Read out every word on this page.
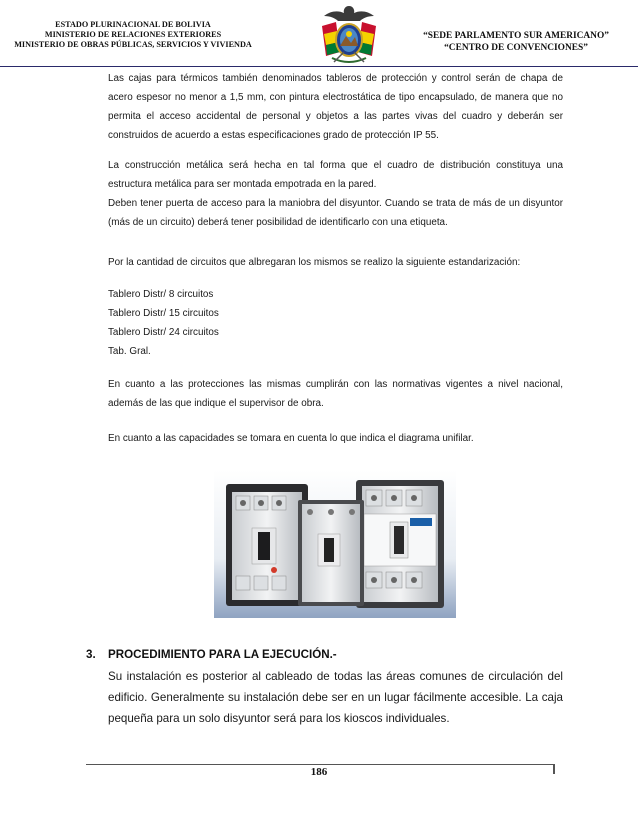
ESTADO PLURINACIONAL DE BOLIVIA
MINISTERIO DE RELACIONES EXTERIORES
MINISTERIO DE OBRAS PÚBLICAS, SERVICIOS Y VIVIENDA
“SEDE PARLAMENTO SUR AMERICANO”
“CENTRO DE CONVENCIONES”

Las cajas para térmicos también denominados tableros de protección y control serán de chapa de acero espesor no menor a 1,5 mm, con pintura electrostática de tipo encapsulado, de manera que no permita el acceso accidental de personal y objetos a las partes vivas del cuadro y deberán ser construidos de acuerdo a estas especificaciones grado de protección IP 55.

La construcción metálica será hecha en tal forma que el cuadro de distribución constituya una estructura metálica para ser montada empotrada en la pared.

Deben tener puerta de acceso para la maniobra del disyuntor. Cuando se trata de más de un disyuntor (más de un circuito) deberá tener posibilidad de identificarlo con una etiqueta.

Por la cantidad de circuitos que albregaran los mismos se realizo la siguiente estandarización:

Tablero Distr/ 8 circuitos

Tablero Distr/ 15 circuitos

Tablero Distr/ 24 circuitos

Tab. Gral.

En cuanto a las protecciones las mismas cumplirán con las normativas vigentes a nivel nacional, además de las que indique el supervisor de obra.

En cuanto a las capacidades se tomara en cuenta lo que indica el diagrama unifilar.

3. PROCEDIMIENTO PARA LA EJECUCIÓN.-

Su instalación es posterior al cableado de todas las áreas comunes de circulación del edificio. Generalmente su instalación debe ser en un lugar fácilmente accesible. La caja pequeña para un solo disyuntor será para los kioscos individuales.

186
